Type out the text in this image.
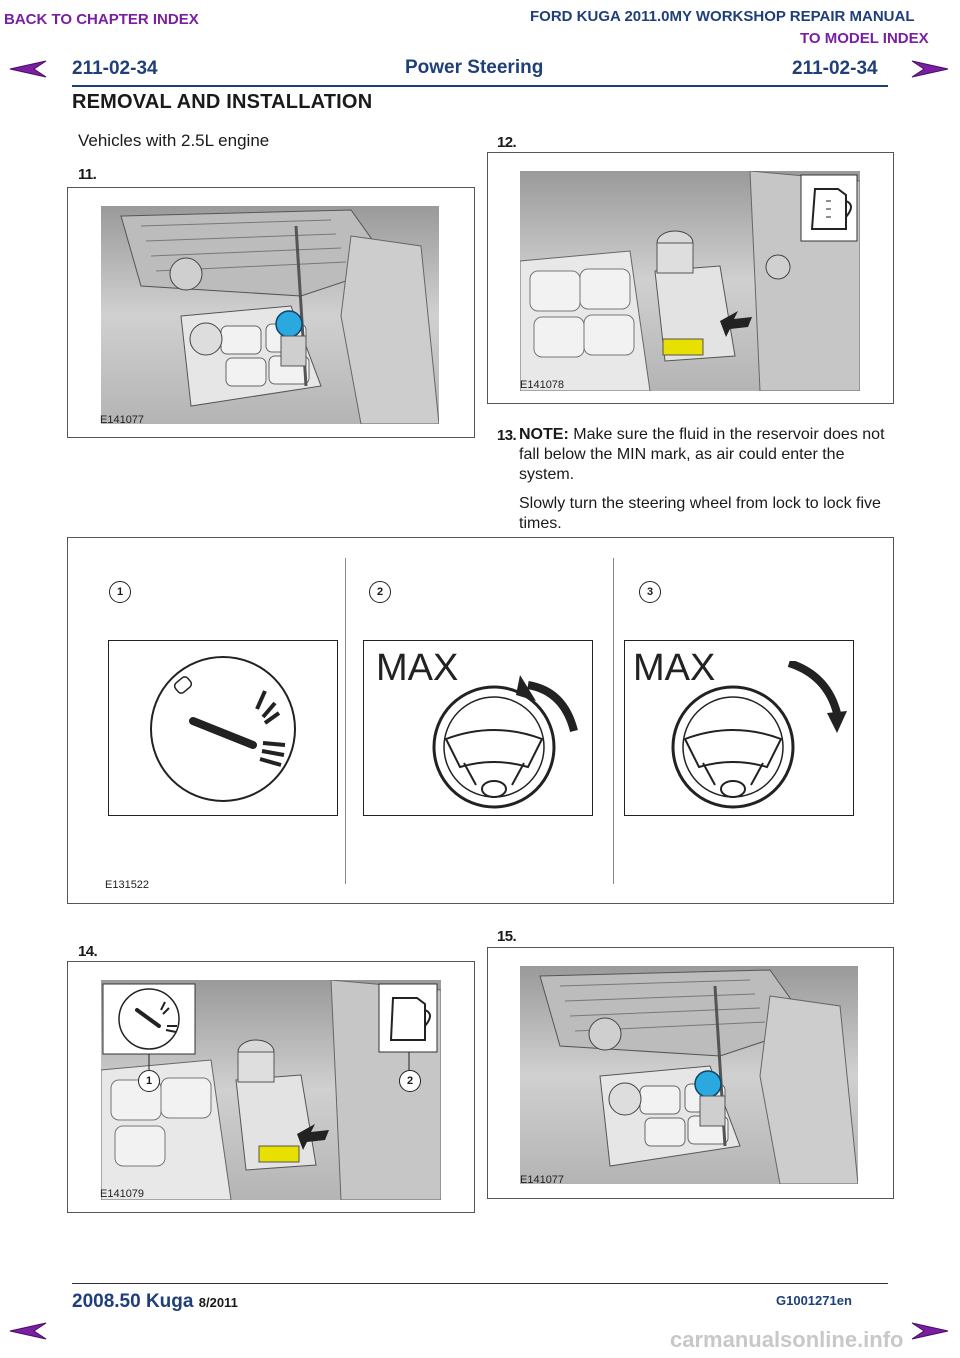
BACK TO CHAPTER INDEX	FORD KUGA 2011.0MY WORKSHOP REPAIR MANUAL
TO MODEL INDEX
211-02-34	Power Steering	211-02-34
REMOVAL AND INSTALLATION
Vehicles with 2.5L engine
11.
E141077
12.
E141078
13. NOTE: Make sure the fluid in the reservoir does not fall below the MIN mark, as air could enter the system.
Slowly turn the steering wheel from lock to lock five times.
1	2	3
MAX	MAX
E131522
14.
1	2
E141079
15.
E141077
2008.50 Kuga 8/2011	G1001271en
carmanualsonline.info
